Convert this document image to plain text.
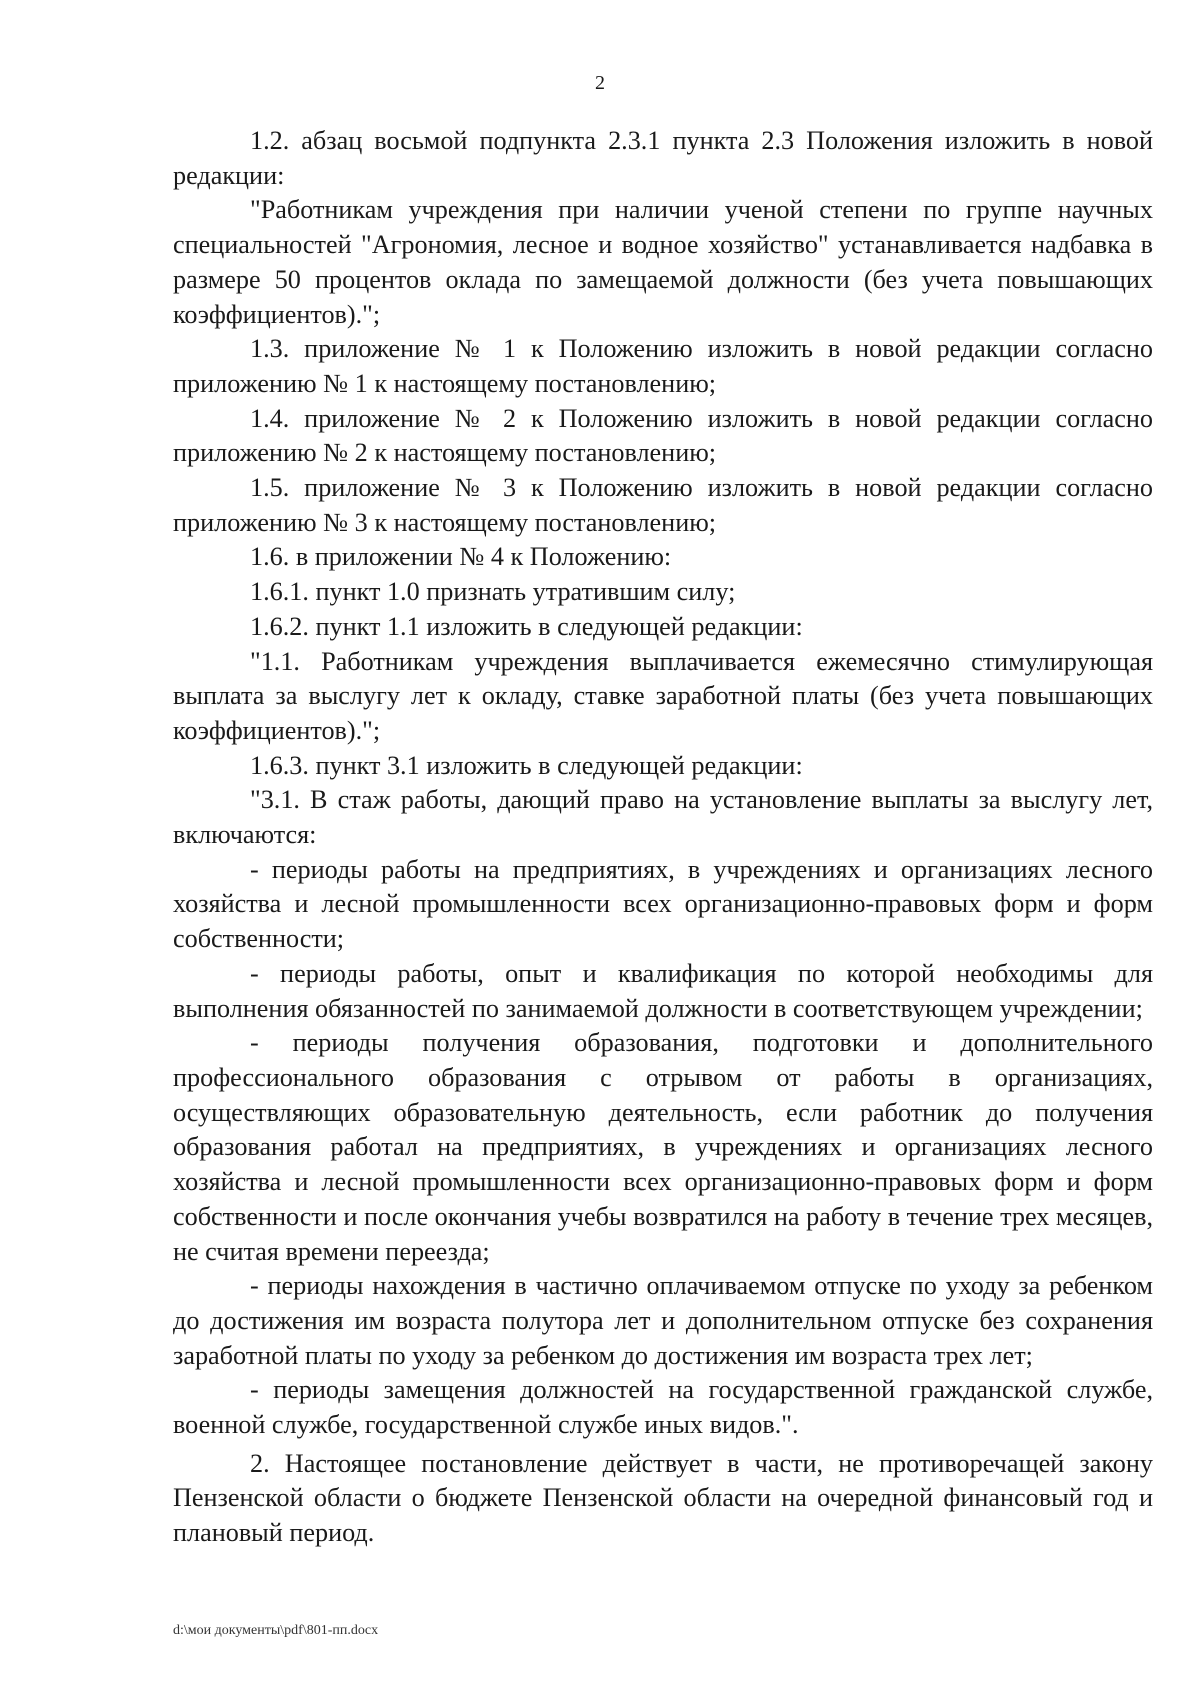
2

1.2. абзац восьмой подпункта 2.3.1 пункта 2.3 Положения изложить в новой редакции:

"Работникам учреждения при наличии ученой степени по группе научных специальностей "Агрономия, лесное и водное хозяйство" устанавливается надбавка в размере 50 процентов оклада по замещаемой должности (без учета повышающих коэффициентов).";

1.3. приложение № 1 к Положению изложить в новой редакции согласно приложению № 1 к настоящему постановлению;

1.4. приложение № 2 к Положению изложить в новой редакции согласно приложению № 2 к настоящему постановлению;

1.5. приложение № 3 к Положению изложить в новой редакции согласно приложению № 3 к настоящему постановлению;

1.6. в приложении № 4 к Положению:

1.6.1. пункт 1.0 признать утратившим силу;

1.6.2. пункт 1.1 изложить в следующей редакции:

"1.1. Работникам учреждения выплачивается ежемесячно стимулирующая выплата за выслугу лет к окладу, ставке заработной платы (без учета повышающих коэффициентов).";

1.6.3. пункт 3.1 изложить в следующей редакции:

"3.1. В стаж работы, дающий право на установление выплаты за выслугу лет, включаются:

- периоды работы на предприятиях, в учреждениях и организациях лесного хозяйства и лесной промышленности всех организационно-правовых форм и форм собственности;

- периоды работы, опыт и квалификация по которой необходимы для выполнения обязанностей по занимаемой должности в соответствующем учреждении;

- периоды получения образования, подготовки и дополнительного профессионального образования с отрывом от работы в организациях, осуществляющих образовательную деятельность, если работник до получения образования работал на предприятиях, в учреждениях и организациях лесного хозяйства и лесной промышленности всех организационно-правовых форм и форм собственности и после окончания учебы возвратился на работу в течение трех месяцев, не считая времени переезда;

- периоды нахождения в частично оплачиваемом отпуске по уходу за ребенком до достижения им возраста полутора лет и дополнительном отпуске без сохранения заработной платы по уходу за ребенком до достижения им возраста трех лет;

- периоды замещения должностей на государственной гражданской службе, военной службе, государственной службе иных видов.".

2. Настоящее постановление действует в части, не противоречащей закону Пензенской области о бюджете Пензенской области на очередной финансовый год и плановый период.

d:\мои документы\pdf\801-пп.docx
